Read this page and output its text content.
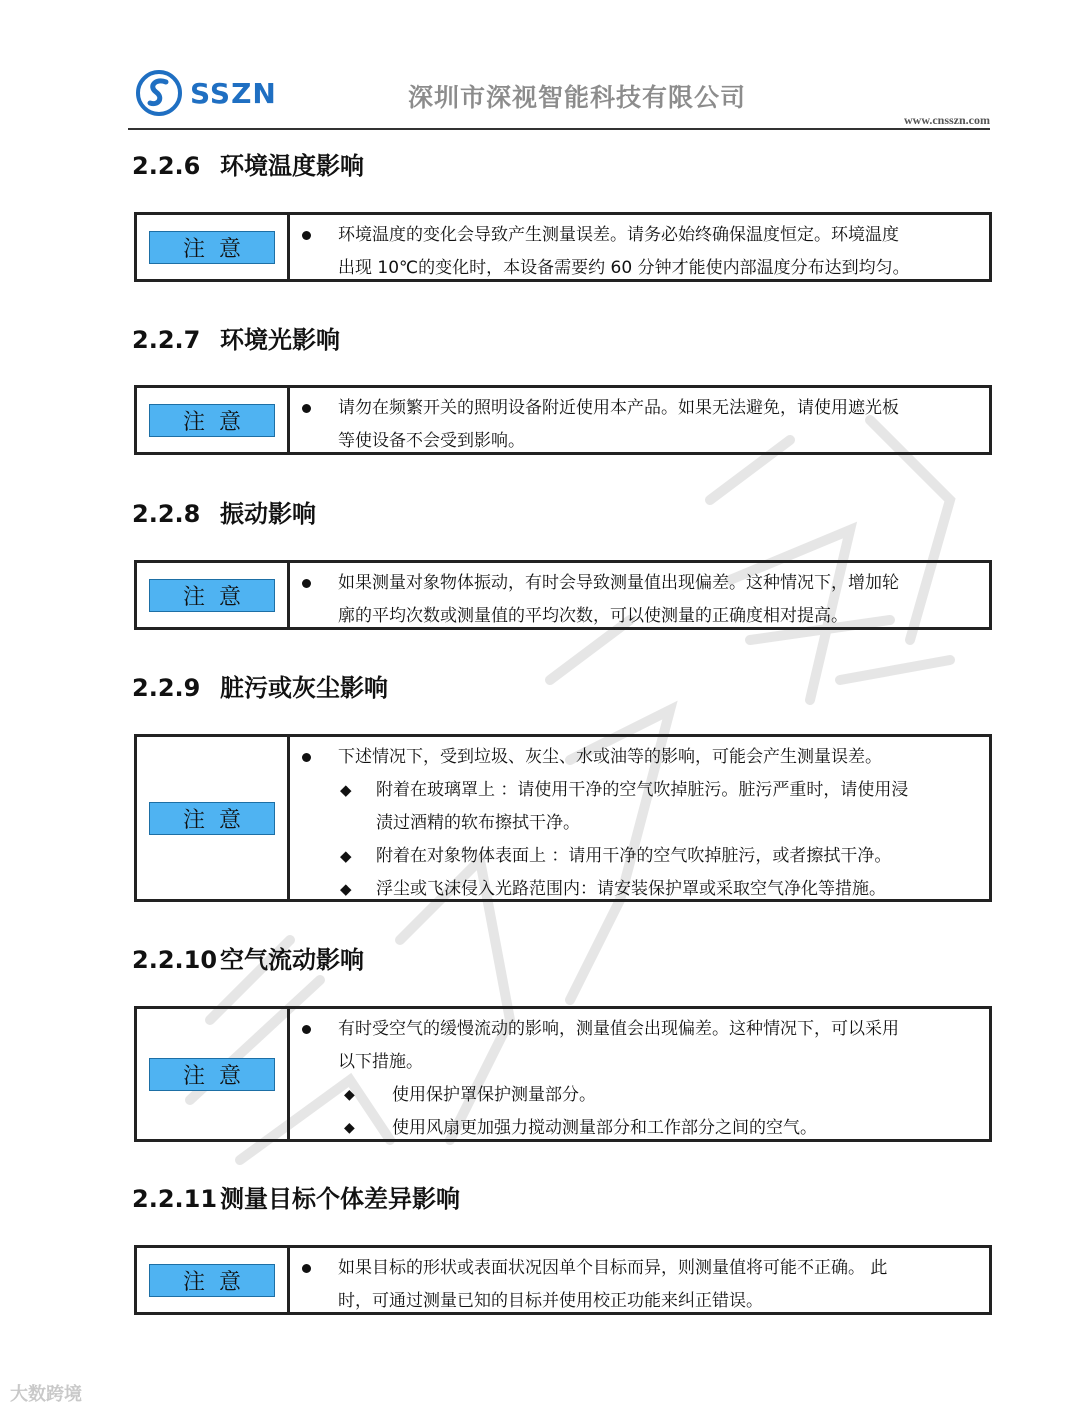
SSZN	深圳市深视智能科技有限公司
www.cnsszn.com
2.2.6 环境温度影响
注意
环境温度的变化会导致产生测量误差。请务必始终确保温度恒定。环境温度
出现 10℃的变化时，本设备需要约 60 分钟才能使内部温度分布达到均匀。
2.2.7 环境光影响
注意
请勿在频繁开关的照明设备附近使用本产品。如果无法避免，请使用遮光板
等使设备不会受到影响。
2.2.8 振动影响
注意
如果测量对象物体振动，有时会导致测量值出现偏差。这种情况下，增加轮
廓的平均次数或测量值的平均次数，可以使测量的正确度相对提高。
2.2.9 脏污或灰尘影响
注意
下述情况下，受到垃圾、灰尘、水或油等的影响，可能会产生测量误差。
◆ 附着在玻璃罩上 ：请使用干净的空气吹掉脏污。脏污严重时，请使用浸
渍过酒精的软布擦拭干净。
◆ 附着在对象物体表面上 ：请用干净的空气吹掉脏污，或者擦拭干净。
◆ 浮尘或飞沫侵入光路范围内：请安装保护罩或采取空气净化等措施。
2.2.10 空气流动影响
注意
有时受空气的缓慢流动的影响，测量值会出现偏差。这种情况下，可以采用
以下措施。
◆ 使用保护罩保护测量部分。
◆ 使用风扇更加强力搅动测量部分和工作部分之间的空气。
2.2.11 测量目标个体差异影响
注意
如果目标的形状或表面状况因单个目标而异，则测量值将可能不正确。 此
时，可通过测量已知的目标并使用校正功能来纠正错误。
大数跨境
